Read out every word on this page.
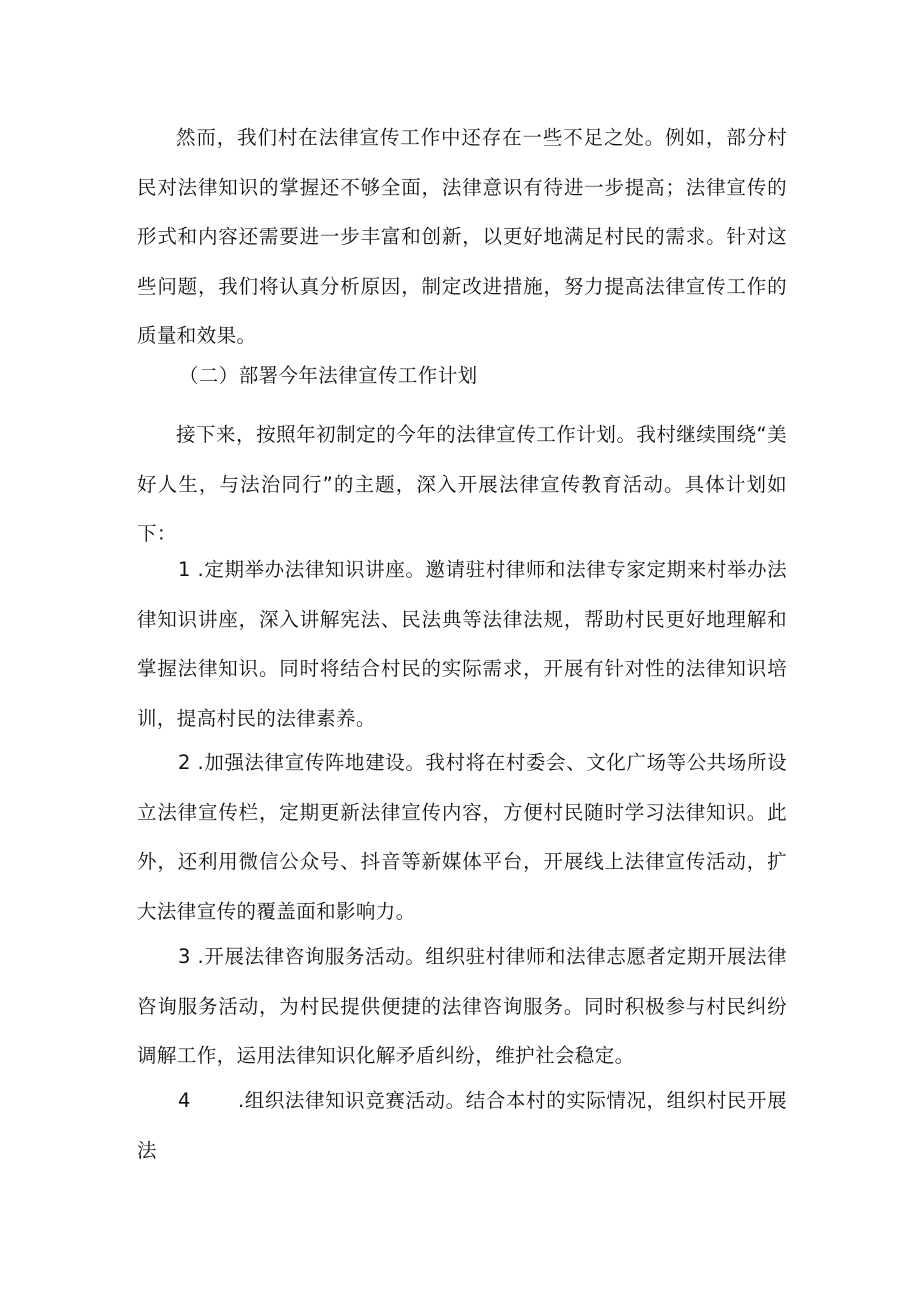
然而，我们村在法律宣传工作中还存在一些不足之处。例如，部分村民对法律知识的掌握还不够全面，法律意识有待进一步提高；法律宣传的形式和内容还需要进一步丰富和创新，以更好地满足村民的需求。针对这些问题，我们将认真分析原因，制定改进措施，努力提高法律宣传工作的质量和效果。

（二）部署今年法律宣传工作计划

接下来，按照年初制定的今年的法律宣传工作计划。我村继续围绕“美好人生，与法治同行”的主题，深入开展法律宣传教育活动。具体计划如下：

1 .定期举办法律知识讲座。邀请驻村律师和法律专家定期来村举办法律知识讲座，深入讲解宪法、民法典等法律法规，帮助村民更好地理解和掌握法律知识。同时将结合村民的实际需求，开展有针对性的法律知识培训，提高村民的法律素养。

2 .加强法律宣传阵地建设。我村将在村委会、文化广场等公共场所设立法律宣传栏，定期更新法律宣传内容，方便村民随时学习法律知识。此外，还利用微信公众号、抖音等新媒体平台，开展线上法律宣传活动，扩大法律宣传的覆盖面和影响力。

3 .开展法律咨询服务活动。组织驻村律师和法律志愿者定期开展法律咨询服务活动，为村民提供便捷的法律咨询服务。同时积极参与村民纠纷调解工作，运用法律知识化解矛盾纠纷，维护社会稳定。

4 .组织法律知识竞赛活动。结合本村的实际情况，组织村民开展法
